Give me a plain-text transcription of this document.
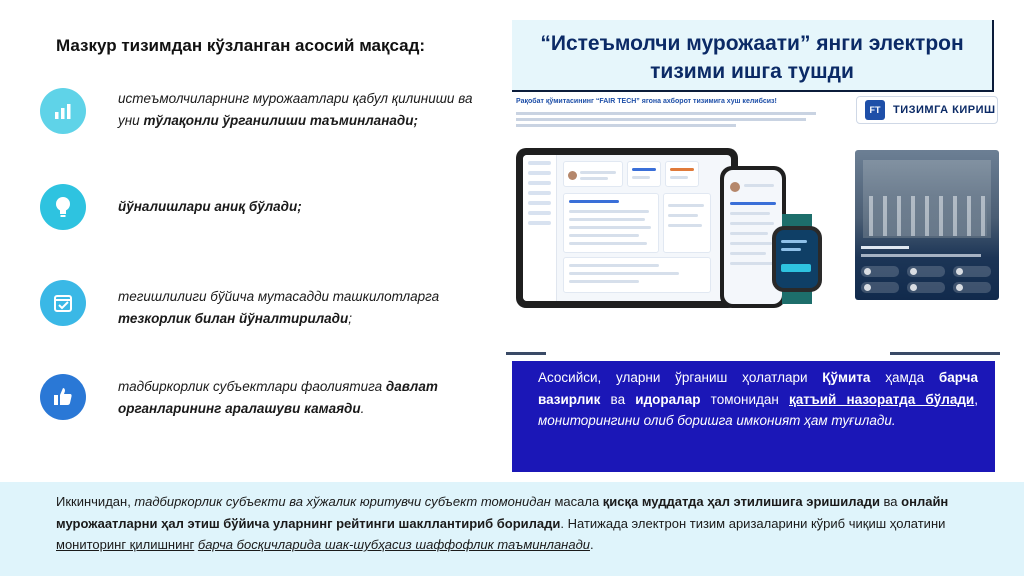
Мазкур тизимдан кўзланган асосий мақсад:
истеъмолчиларнинг мурожаатлари қабул қилиниши ва уни тўлақонли ўрганилиши таъминланади;
йўналишлари аниқ бўлади;
тегишлилиги бўйича мутасадди ташкилотларга тезкорлик билан йўналтирилади;
тадбиркорлик субъектлари фаолиятига давлат органларининг аралашуви камаяди.
“Истеъмолчи мурожаати” янги электрон тизими ишга тушди
Рақобат қўмитасининг “FAIR TECH” ягона ахборот тизимига хуш келибсиз!
FT	ТИЗИМГА КИРИШ
Асосийси, уларни ўрганиш ҳолатлари Қўмита ҳамда барча вазирлик ва идоралар томонидан қатъий назоратда бўлади, мониторингини олиб боришга имконият ҳам туғилади.
Иккинчидан, тадбиркорлик субъекти ва хўжалик юритувчи субъект томонидан масала қисқа муддатда ҳал этилишига эришилади ва онлайн мурожаатларни ҳал этиш бўйича уларнинг рейтинги шакллантириб борилади. Натижада электрон тизим аризаларини кўриб чиқиш ҳолатини мониторинг қилишнинг барча босқичларида шак-шубҳасиз шаффофлик таъминланади.
